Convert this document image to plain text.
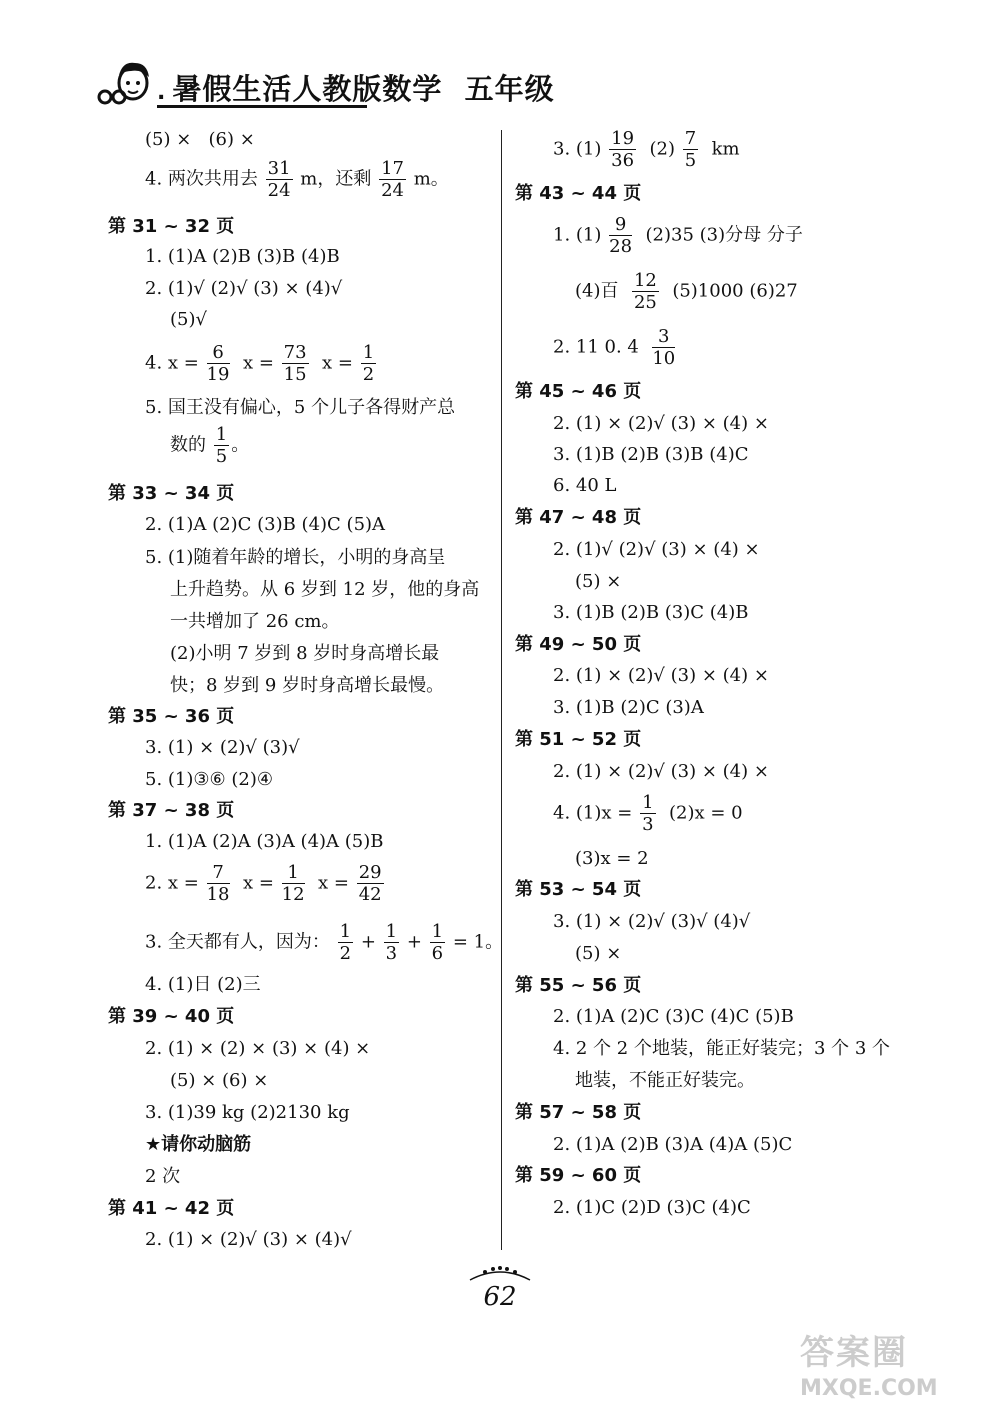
. 暑假生活人教版数学 五年级
(5) × (6) ×
4. 两次共用去 $\frac{31}{24}$ m，还剩 $\frac{17}{24}$ m。
第 31 ~ 32 页
1. (1)A (2)B (3)B (4)B
2. (1)√ (2)√ (3) × (4)√
(5)√
4. $x = \frac{6}{19}$ $x = \frac{73}{15}$ $x = \frac{1}{2}$
5. 国王没有偏心，5 个儿子各得财产总
数的 $\frac{1}{5}$ 。
第 33 ~ 34 页
2. (1)A (2)C (3)B (4)C (5)A
5. (1)随着年龄的增长，小明的身高呈
上升趋势。从 6 岁到 12 岁，他的身高
一共增加了 26 cm。
(2)小明 7 岁到 8 岁时身高增长最
快；8 岁到 9 岁时身高增长最慢。
第 35 ~ 36 页
3. (1) × (2)√ (3)√
5. (1)③⑥ (2)④
第 37 ~ 38 页
1. (1)A (2)A (3)A (4)A (5)B
2. $x = \frac{7}{18}$ $x = \frac{1}{12}$ $x = \frac{29}{42}$
3. 全天都有人，因为： $\frac{1}{2} + \frac{1}{3} + \frac{1}{6} = 1$。
4. (1)日 (2)三
第 39 ~ 40 页
2. (1) × (2) × (3) × (4) ×
(5) × (6) ×
3. (1)39 kg (2)2130 kg
★请你动脑筋
2 次
第 41 ~ 42 页
2. (1) × (2)√ (3) × (4)√
3. $(1) \frac{19}{36} (2) \frac{7}{5}$ km
第 43 ~ 44 页
1. $(1) \frac{9}{28} (2)35$ (3)分母 分子
(4)百 $\frac{12}{25} (5)1000$ (6)27
2. 11 0. $4 \frac{3}{10}$
第 45 ~ 46 页
2. (1) × (2)√ (3) × (4) ×
3. (1)B (2)B (3)B (4)C
6. 40 L
第 47 ~ 48 页
2. (1)√ (2)√ (3) × (4) ×
(5) ×
3. (1)B (2)B (3)C (4)B
第 49 ~ 50 页
2. (1) × (2)√ (3) × (4) ×
3. (1)B (2)C (3)A
第 51 ~ 52 页
2. (1) × (2)√ (3) × (4) ×
4. $(1)x = \frac{1}{3} (2)x = 0$
(3)x = 2
第 53 ~ 54 页
3. (1) × (2)√ (3)√ (4)√
(5) ×
第 55 ~ 56 页
2. (1)A (2)C (3)C (4)C (5)B
4. 2 个 2 个地装，能正好装完；3 个 3 个
地装，不能正好装完。
第 57 ~ 58 页
2. (1)A (2)B (3)A (4)A (5)C
第 59 ~ 60 页
2. (1)C (2)D (3)C (4)C
62
答案圈
MXQE.COM
